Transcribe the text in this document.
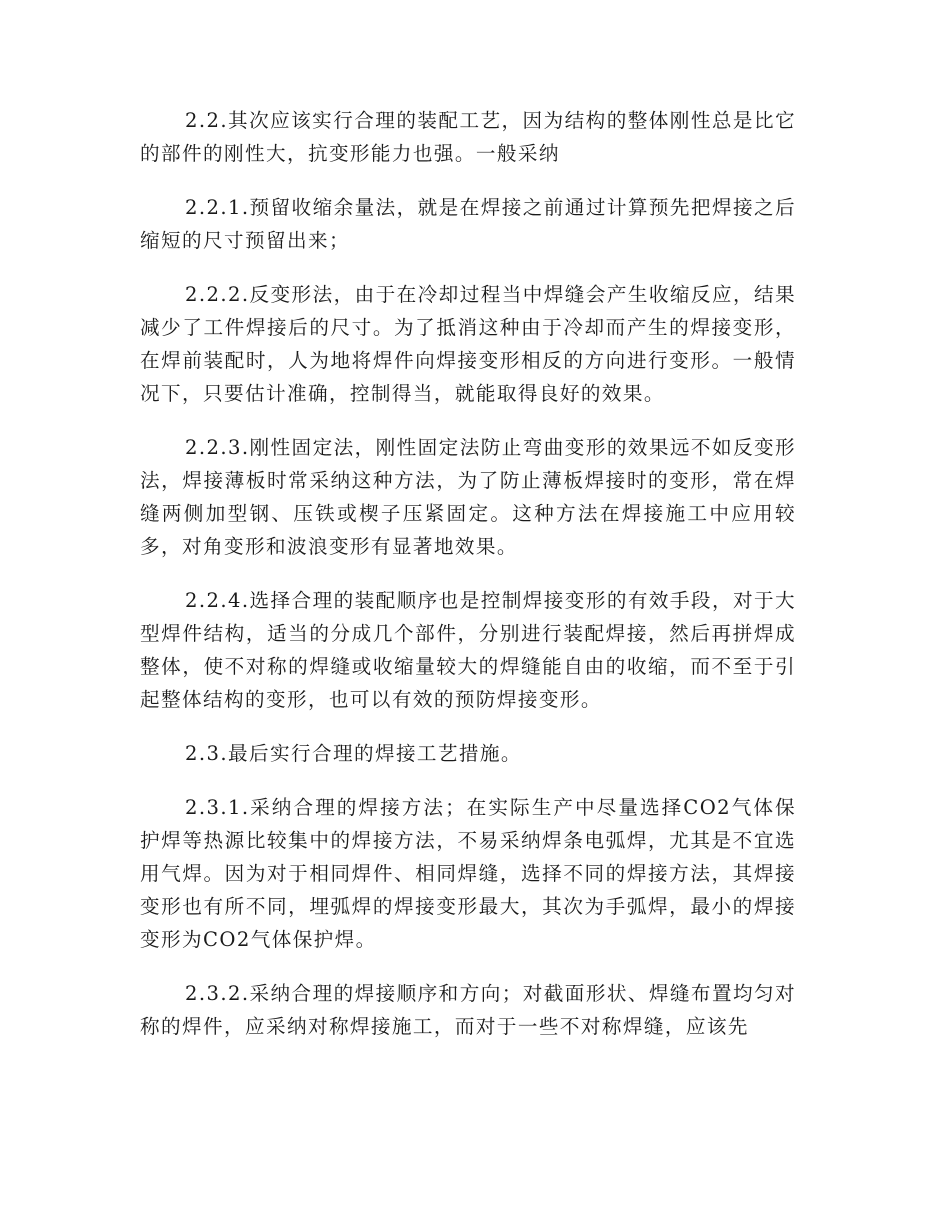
2.2.其次应该实行合理的装配工艺，因为结构的整体刚性总是比它的部件的刚性大，抗变形能力也强。一般采纳

2.2.1.预留收缩余量法，就是在焊接之前通过计算预先把焊接之后缩短的尺寸预留出来；

2.2.2.反变形法，由于在冷却过程当中焊缝会产生收缩反应，结果减少了工件焊接后的尺寸。为了抵消这种由于冷却而产生的焊接变形，在焊前装配时，人为地将焊件向焊接变形相反的方向进行变形。一般情况下，只要估计准确，控制得当，就能取得良好的效果。

2.2.3.刚性固定法，刚性固定法防止弯曲变形的效果远不如反变形法，焊接薄板时常采纳这种方法，为了防止薄板焊接时的变形，常在焊缝两侧加型钢、压铁或楔子压紧固定。这种方法在焊接施工中应用较多，对角变形和波浪变形有显著地效果。

2.2.4.选择合理的装配顺序也是控制焊接变形的有效手段，对于大型焊件结构，适当的分成几个部件，分别进行装配焊接，然后再拼焊成整体，使不对称的焊缝或收缩量较大的焊缝能自由的收缩，而不至于引起整体结构的变形，也可以有效的预防焊接变形。

2.3.最后实行合理的焊接工艺措施。

2.3.1.采纳合理的焊接方法；在实际生产中尽量选择CO2气体保护焊等热源比较集中的焊接方法，不易采纳焊条电弧焊，尤其是不宜选用气焊。因为对于相同焊件、相同焊缝，选择不同的焊接方法，其焊接变形也有所不同，埋弧焊的焊接变形最大，其次为手弧焊，最小的焊接变形为CO2气体保护焊。

2.3.2.采纳合理的焊接顺序和方向；对截面形状、焊缝布置均匀对称的焊件，应采纳对称焊接施工，而对于一些不对称焊缝，应该先
